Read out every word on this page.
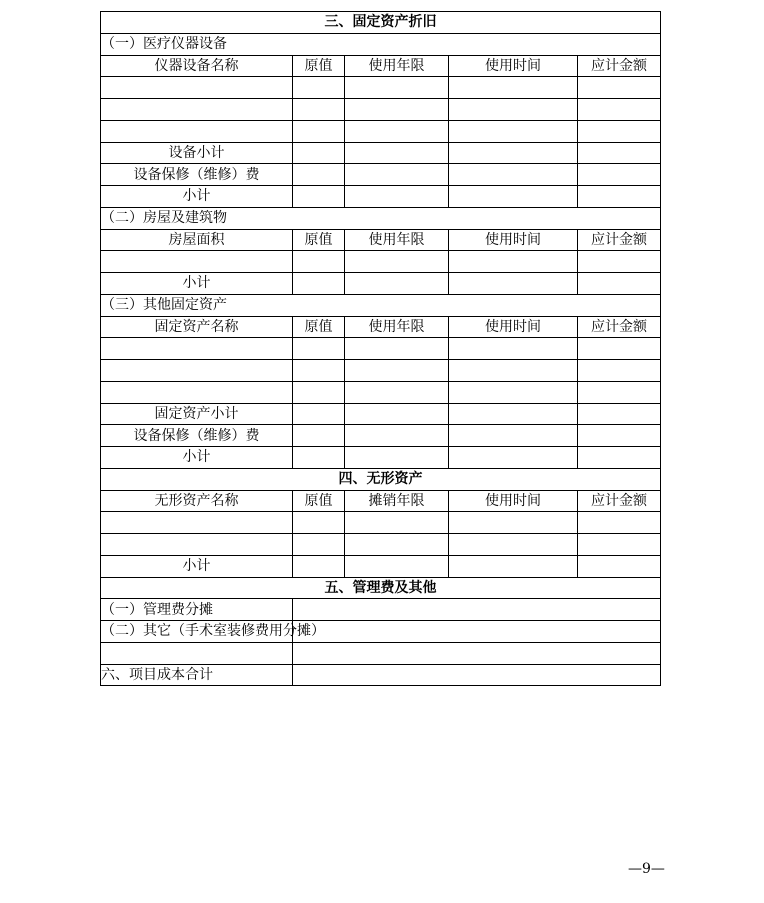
三、固定资产折旧				
（一）医疗仪器设备				
仪器设备名称	原值	使用年限	使用时间	应计金额

设备小计				
设备保修（维修）费				
小计				
（二）房屋及建筑物				
房屋面积	原值	使用年限	使用时间	应计金额

小计				
（三）其他固定资产				
固定资产名称	原值	使用年限	使用时间	应计金额

固定资产小计				
设备保修（维修）费				
小计				
四、无形资产				
无形资产名称	原值	摊销年限	使用时间	应计金额

小计				
五、管理费及其他				
（一）管理费分摊				
（二）其它（手术室装修费用分摊）				

六、项目成本合计				
—9—
